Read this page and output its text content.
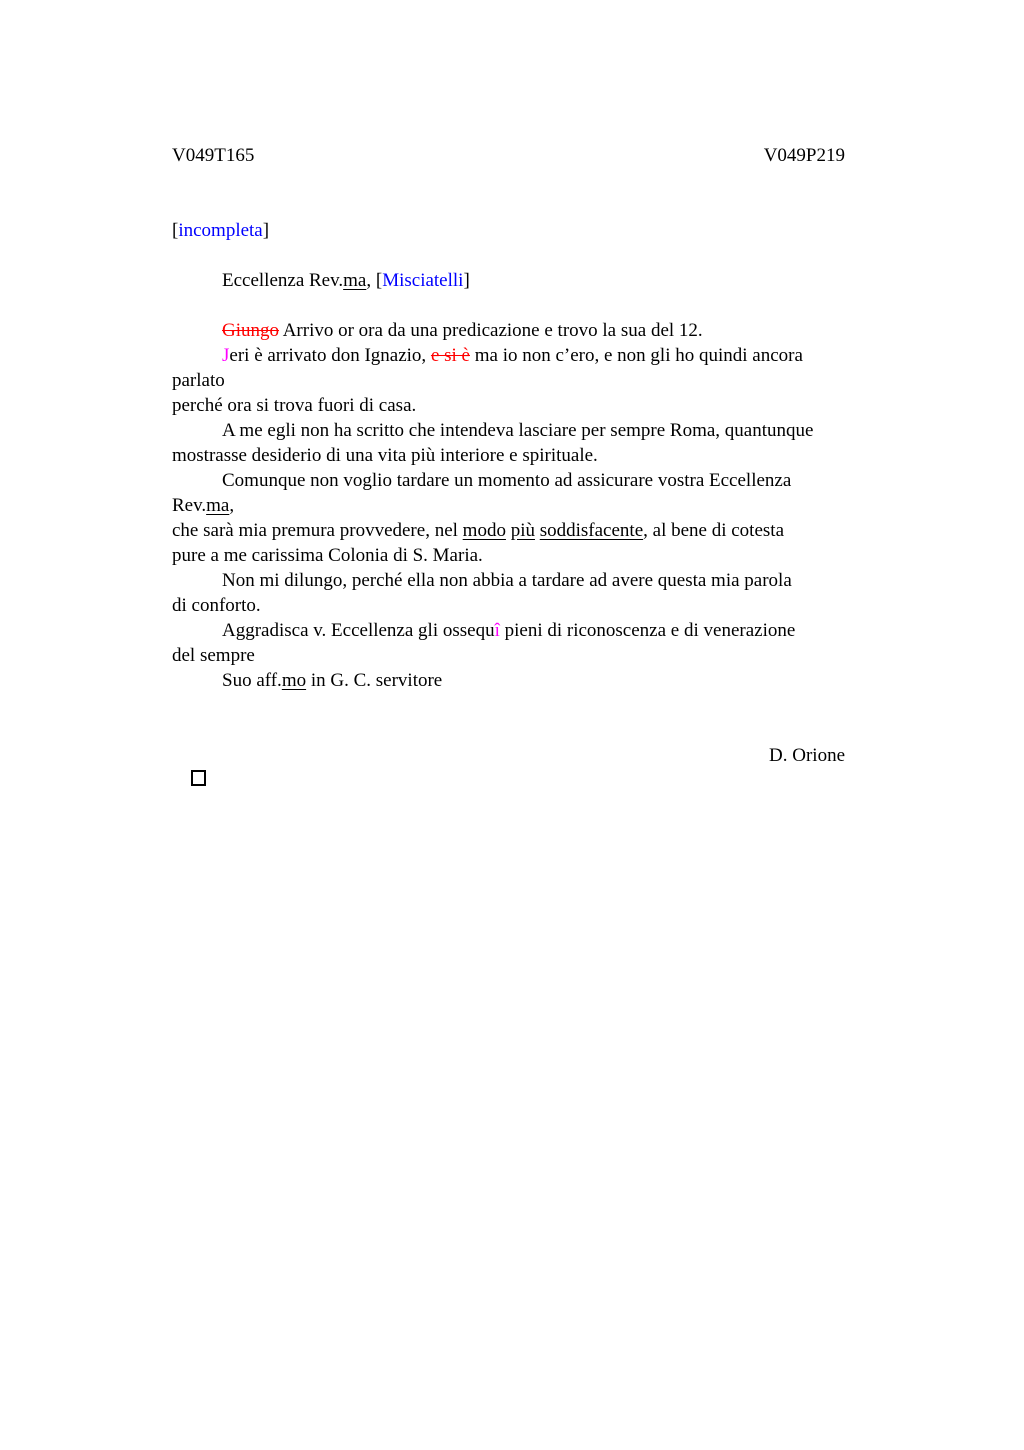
V049T165	V049P219
[incompleta]
Eccellenza Rev.ma, [Misciatelli]
Giungo Arrivo or ora da una predicazione e trovo la sua del 12.
Jeri è arrivato don Ignazio, e si è ma io non c’ero, e non gli ho quindi ancora
parlato
perché ora si trova fuori di casa.
A me egli non ha scritto che intendeva lasciare per sempre Roma, quantunque
mostrasse desiderio di una vita più interiore e spirituale.
Comunque non voglio tardare un momento ad assicurare vostra Eccellenza
Rev.ma,
che sarà mia premura provvedere, nel modo più soddisfacente, al bene di cotesta
pure a me carissima Colonia di S. Maria.
Non mi dilungo, perché ella non abbia a tardare ad avere questa mia parola
di conforto.
Aggradisca v. Eccellenza gli ossequî pieni di riconoscenza e di venerazione
del sempre
Suo aff.mo in G. C. servitore

D. Orione
